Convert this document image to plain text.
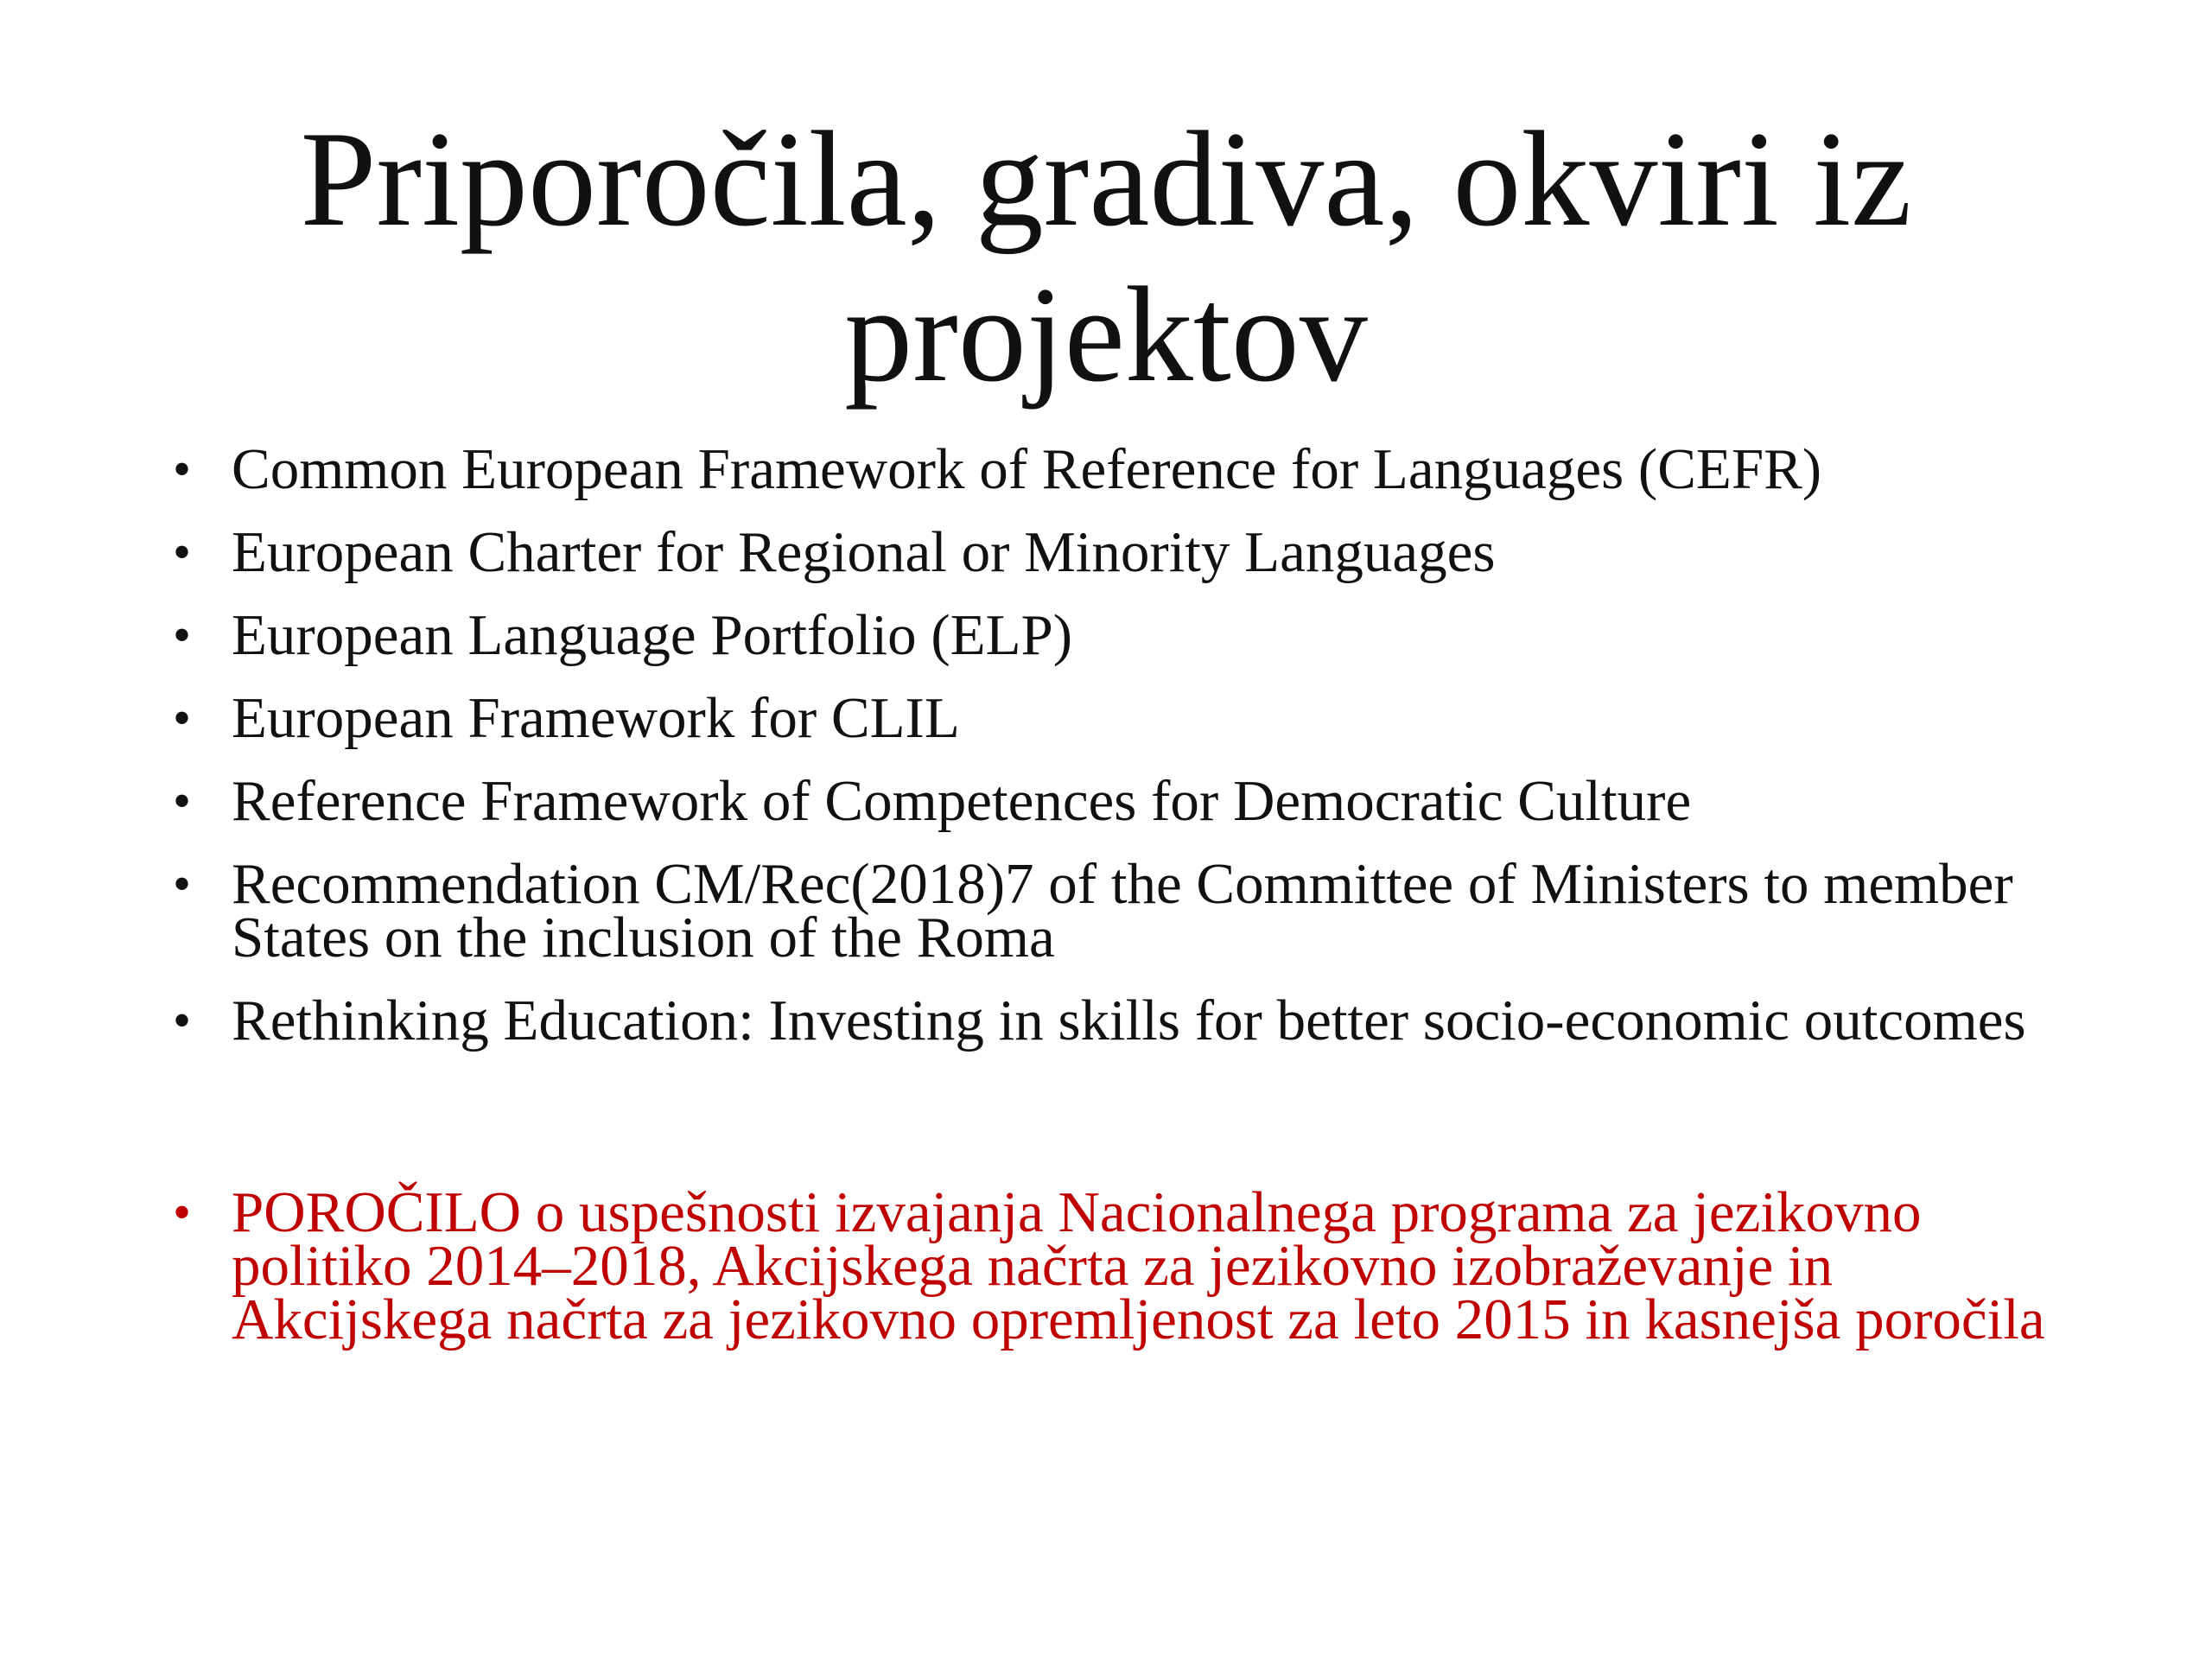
Priporočila, gradiva, okviri iz
projektov
• Common European Framework of Reference for Languages (CEFR)
• European Charter for Regional or Minority Languages
• European Language Portfolio (ELP)
• European Framework for CLIL
• Reference Framework of Competences for Democratic Culture
• Recommendation CM/Rec(2018)7 of the Committee of Ministers to member States on the inclusion of the Roma
• Rethinking Education: Investing in skills for better socio-economic outcomes
• POROČILO o uspešnosti izvajanja Nacionalnega programa za jezikovno politiko 2014–2018, Akcijskega načrta za jezikovno izobraževanje in Akcijskega načrta za jezikovno opremljenost za leto 2015 in kasnejša poročila
